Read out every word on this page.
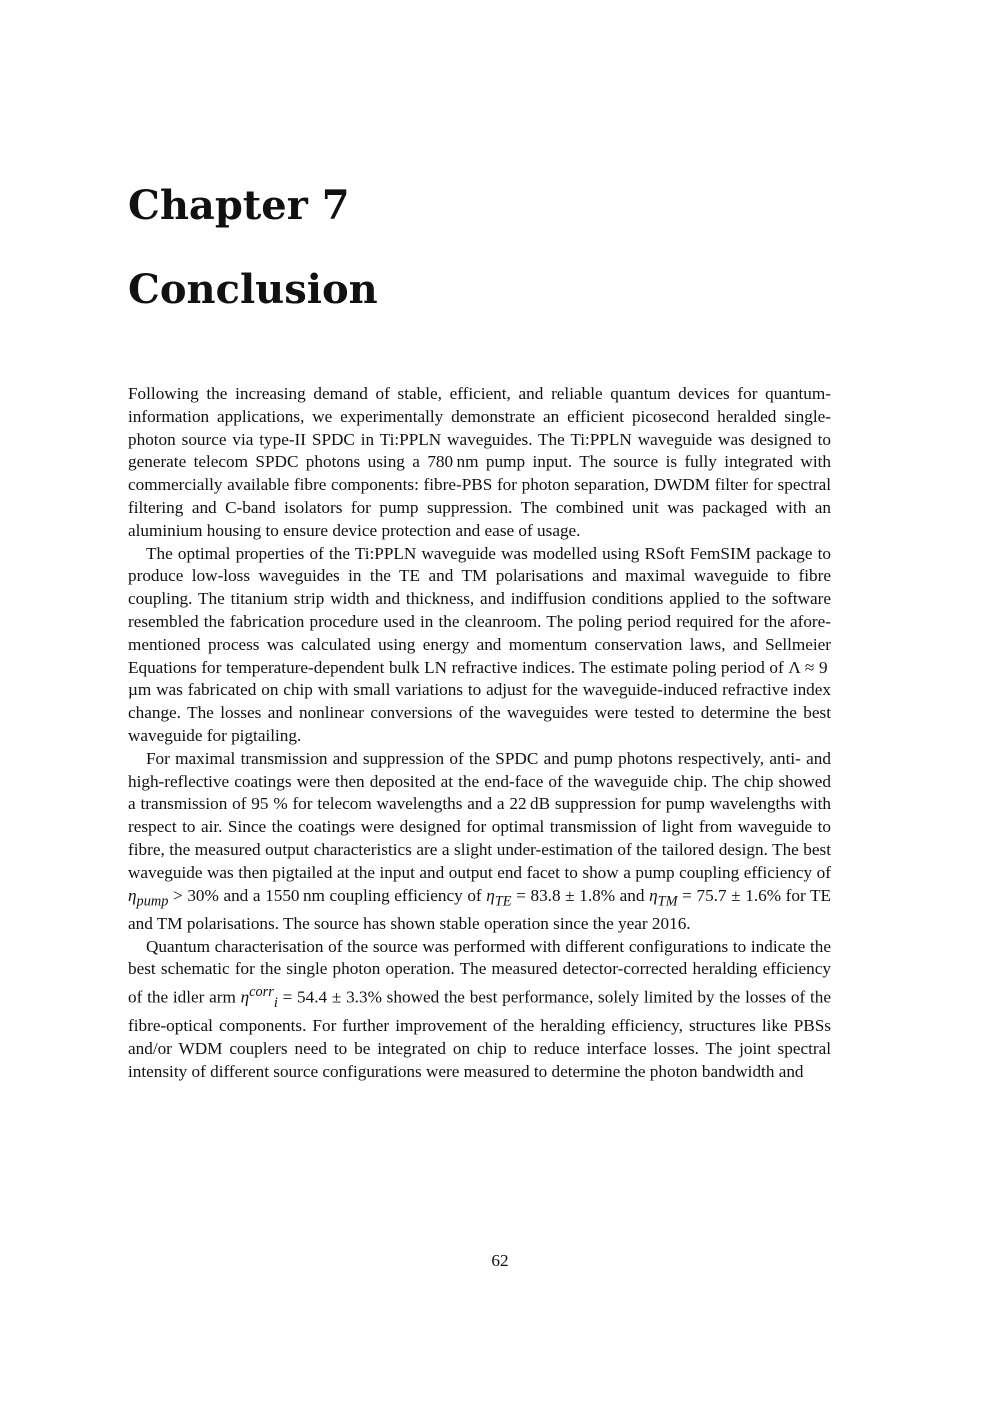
Chapter 7
Conclusion

Following the increasing demand of stable, efficient, and reliable quantum devices for quantum-information applications, we experimentally demonstrate an efficient picosecond heralded single-photon source via type-II SPDC in Ti:PPLN waveguides. The Ti:PPLN waveguide was designed to generate telecom SPDC photons using a 780 nm pump input. The source is fully integrated with commercially available fibre components: fibre-PBS for photon separation, DWDM filter for spectral filtering and C-band isolators for pump suppression. The combined unit was packaged with an aluminium housing to ensure device protection and ease of usage.

The optimal properties of the Ti:PPLN waveguide was modelled using RSoft FemSIM package to produce low-loss waveguides in the TE and TM polarisations and maximal waveguide to fibre coupling. The titanium strip width and thickness, and indiffusion conditions applied to the software resembled the fabrication procedure used in the cleanroom. The poling period required for the afore-mentioned process was calculated using energy and momentum conservation laws, and Sellmeier Equations for temperature-dependent bulk LN refractive indices. The estimate poling period of Λ ≈ 9 µm was fabricated on chip with small variations to adjust for the waveguide-induced refractive index change. The losses and nonlinear conversions of the waveguides were tested to determine the best waveguide for pigtailing.

For maximal transmission and suppression of the SPDC and pump photons respectively, anti- and high-reflective coatings were then deposited at the end-face of the waveguide chip. The chip showed a transmission of 95 % for telecom wavelengths and a 22 dB suppression for pump wavelengths with respect to air. Since the coatings were designed for optimal transmission of light from waveguide to fibre, the measured output characteristics are a slight under-estimation of the tailored design. The best waveguide was then pigtailed at the input and output end facet to show a pump coupling efficiency of $\eta_{pump} > 30\%$ and a 1550 nm coupling efficiency of $\eta_{TE} = 83.8 \pm 1.8\%$ and $\eta_{TM} = 75.7 \pm 1.6\%$ for TE and TM polarisations. The source has shown stable operation since the year 2016.

Quantum characterisation of the source was performed with different configurations to indicate the best schematic for the single photon operation. The measured detector-corrected heralding efficiency of the idler arm $\eta^{corr}_i = 54.4 \pm 3.3\%$ showed the best performance, solely limited by the losses of the fibre-optical components. For further improvement of the heralding efficiency, structures like PBSs and/or WDM couplers need to be integrated on chip to reduce interface losses. The joint spectral intensity of different source configurations were measured to determine the photon bandwidth and

62
